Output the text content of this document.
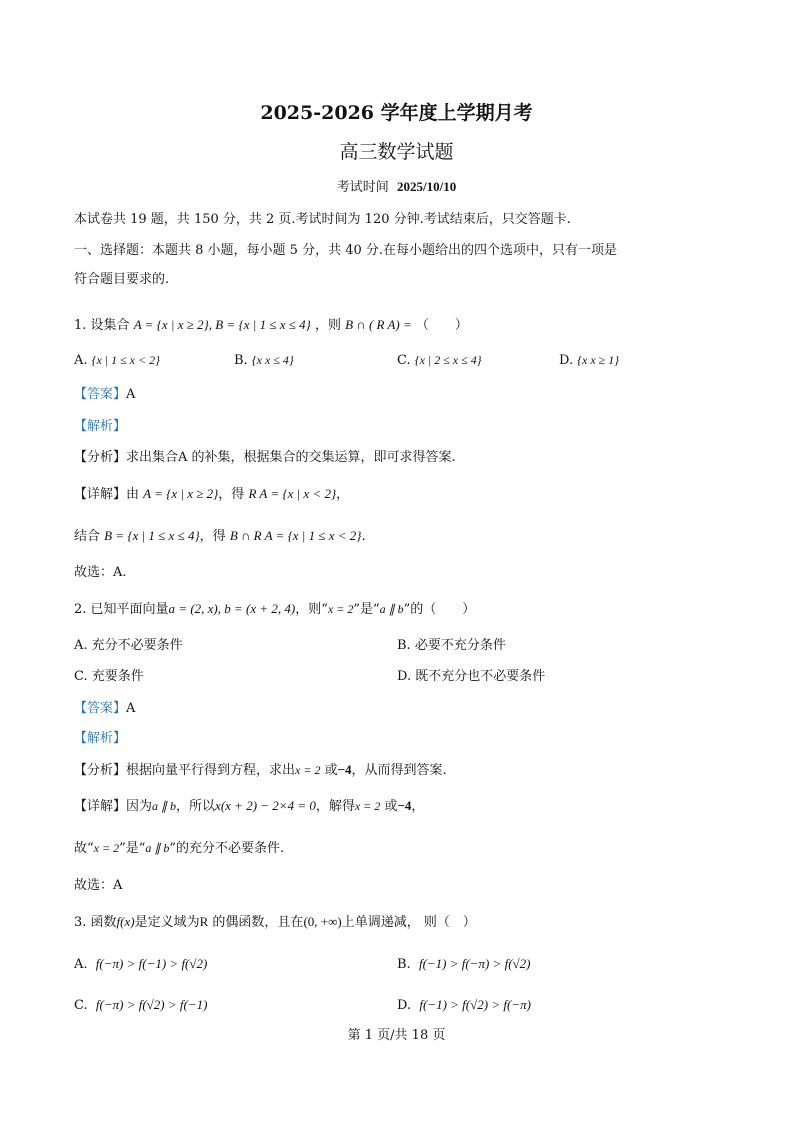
2025-2026 学年度上学期月考
高三数学试题
考试时间 2025/10/10
本试卷共 19 题，共 150 分，共 2 页.考试时间为 120 分钟.考试结束后，只交答题卡.
一、选择题：本题共 8 小题，每小题 5 分，共 40 分.在每小题给出的四个选项中，只有一项是
符合题目要求的.
1. 设集合 A = {x | x ≥ 2}, B = {x | 1 ≤ x ≤ 4} ，则 B ∩ ( R A) = （　　）
A. {x | 1 ≤ x < 2}	B. {x x ≤ 4}	C. {x | 2 ≤ x ≤ 4}	D. {x x ≥ 1}
【答案】A
【解析】
【分析】求出集合A 的补集，根据集合的交集运算，即可求得答案.
【详解】由 A = {x | x ≥ 2}，得 R A = {x | x < 2}，
结合 B = {x | 1 ≤ x ≤ 4}，得 B ∩ R A = {x | 1 ≤ x < 2}.
故选：A.
2. 已知平面向量a = (2, x), b = (x + 2, 4)，则“x = 2”是“a ∥ b”的（　　）
A. 充分不必要条件	B. 必要不充分条件
C. 充要条件	D. 既不充分也不必要条件
【答案】A
【解析】
【分析】根据向量平行得到方程，求出x = 2 或−4，从而得到答案.
【详解】因为a ∥ b，所以x(x + 2) − 2×4 = 0，解得x = 2 或−4，
故“x = 2”是“a ∥ b”的充分不必要条件.
故选：A
3. 函数f(x)是定义域为R 的偶函数，且在(0, +∞)上单调递减， 则（　）
A. f(−π) > f(−1) > f(√2)	B. f(−1) > f(−π) > f(√2)
C. f(−π) > f(√2) > f(−1)	D. f(−1) > f(√2) > f(−π)
第 1 页/共 18 页
